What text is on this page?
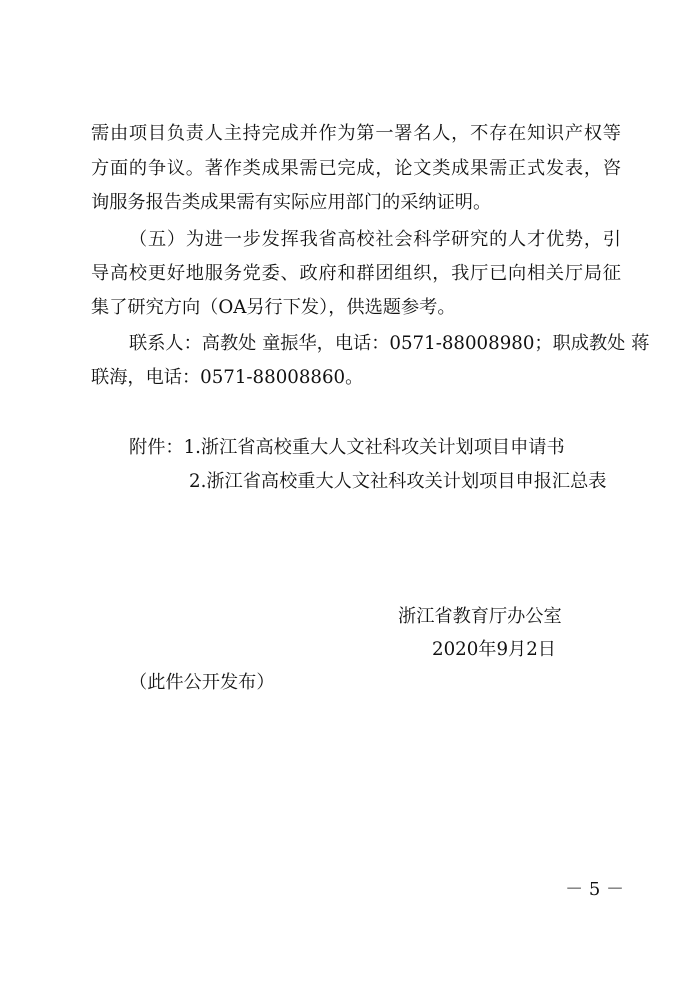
需由项目负责人主持完成并作为第一署名人，不存在知识产权等
方面的争议。著作类成果需已完成，论文类成果需正式发表，咨
询服务报告类成果需有实际应用部门的采纳证明。
（五）为进一步发挥我省高校社会科学研究的人才优势，引
导高校更好地服务党委、政府和群团组织，我厅已向相关厅局征
集了研究方向（OA另行下发），供选题参考。
联系人：高教处 童振华，电话：0571-88008980；职成教处 蒋
联海，电话：0571-88008860。
附件：1.浙江省高校重大人文社科攻关计划项目申请书
2.浙江省高校重大人文社科攻关计划项目申报汇总表
浙江省教育厅办公室
2020年9月2日
（此件公开发布）
－ 5 －
